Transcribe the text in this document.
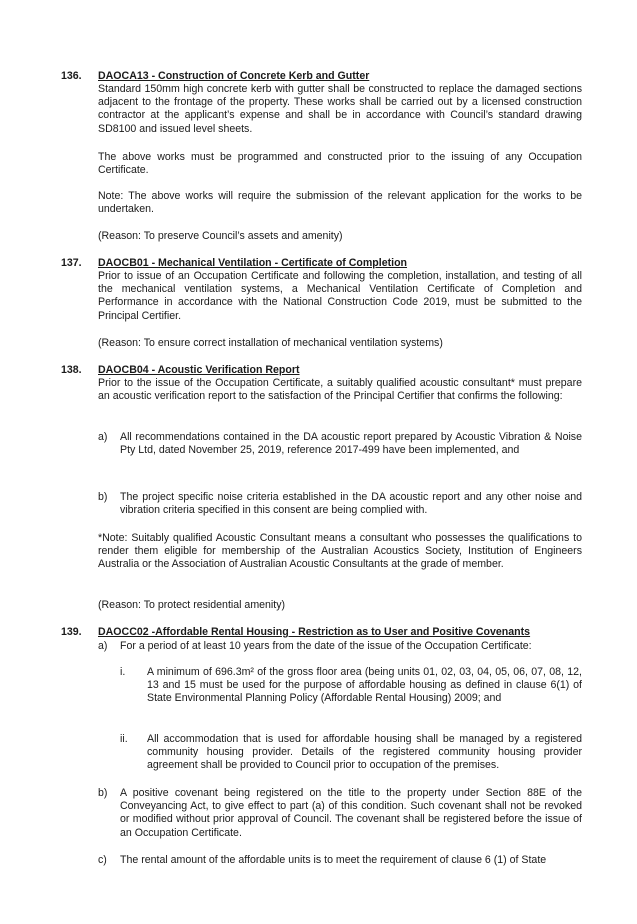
136. DAOCA13 - Construction of Concrete Kerb and Gutter

Standard 150mm high concrete kerb with gutter shall be constructed to replace the damaged sections adjacent to the frontage of the property. These works shall be carried out by a licensed construction contractor at the applicant’s expense and shall be in accordance with Council’s standard drawing SD8100 and issued level sheets.

The above works must be programmed and constructed prior to the issuing of any Occupation Certificate.

Note: The above works will require the submission of the relevant application for the works to be undertaken.

(Reason: To preserve Council’s assets and amenity)

137. DAOCB01 - Mechanical Ventilation - Certificate of Completion

Prior to issue of an Occupation Certificate and following the completion, installation, and testing of all the mechanical ventilation systems, a Mechanical Ventilation Certificate of Completion and Performance in accordance with the National Construction Code 2019, must be submitted to the Principal Certifier.

(Reason: To ensure correct installation of mechanical ventilation systems)

138. DAOCB04 - Acoustic Verification Report

Prior to the issue of the Occupation Certificate, a suitably qualified acoustic consultant* must prepare an acoustic verification report to the satisfaction of the Principal Certifier that confirms the following:

a) All recommendations contained in the DA acoustic report prepared by Acoustic Vibration & Noise Pty Ltd, dated November 25, 2019, reference 2017-499 have been implemented, and

b) The project specific noise criteria established in the DA acoustic report and any other noise and vibration criteria specified in this consent are being complied with.

*Note: Suitably qualified Acoustic Consultant means a consultant who possesses the qualifications to render them eligible for membership of the Australian Acoustics Society, Institution of Engineers Australia or the Association of Australian Acoustic Consultants at the grade of member.

(Reason: To protect residential amenity)

139. DAOCC02 -Affordable Rental Housing - Restriction as to User and Positive Covenants
a) For a period of at least 10 years from the date of the issue of the Occupation Certificate:

i. A minimum of 696.3m² of the gross floor area (being units 01, 02, 03, 04, 05, 06, 07, 08, 12, 13 and 15 must be used for the purpose of affordable housing as defined in clause 6(1) of State Environmental Planning Policy (Affordable Rental Housing) 2009; and

ii. All accommodation that is used for affordable housing shall be managed by a registered community housing provider. Details of the registered community housing provider agreement shall be provided to Council prior to occupation of the premises.

b) A positive covenant being registered on the title to the property under Section 88E of the Conveyancing Act, to give effect to part (a) of this condition. Such covenant shall not be revoked or modified without prior approval of Council. The covenant shall be registered before the issue of an Occupation Certificate.

c) The rental amount of the affordable units is to meet the requirement of clause 6 (1) of State
